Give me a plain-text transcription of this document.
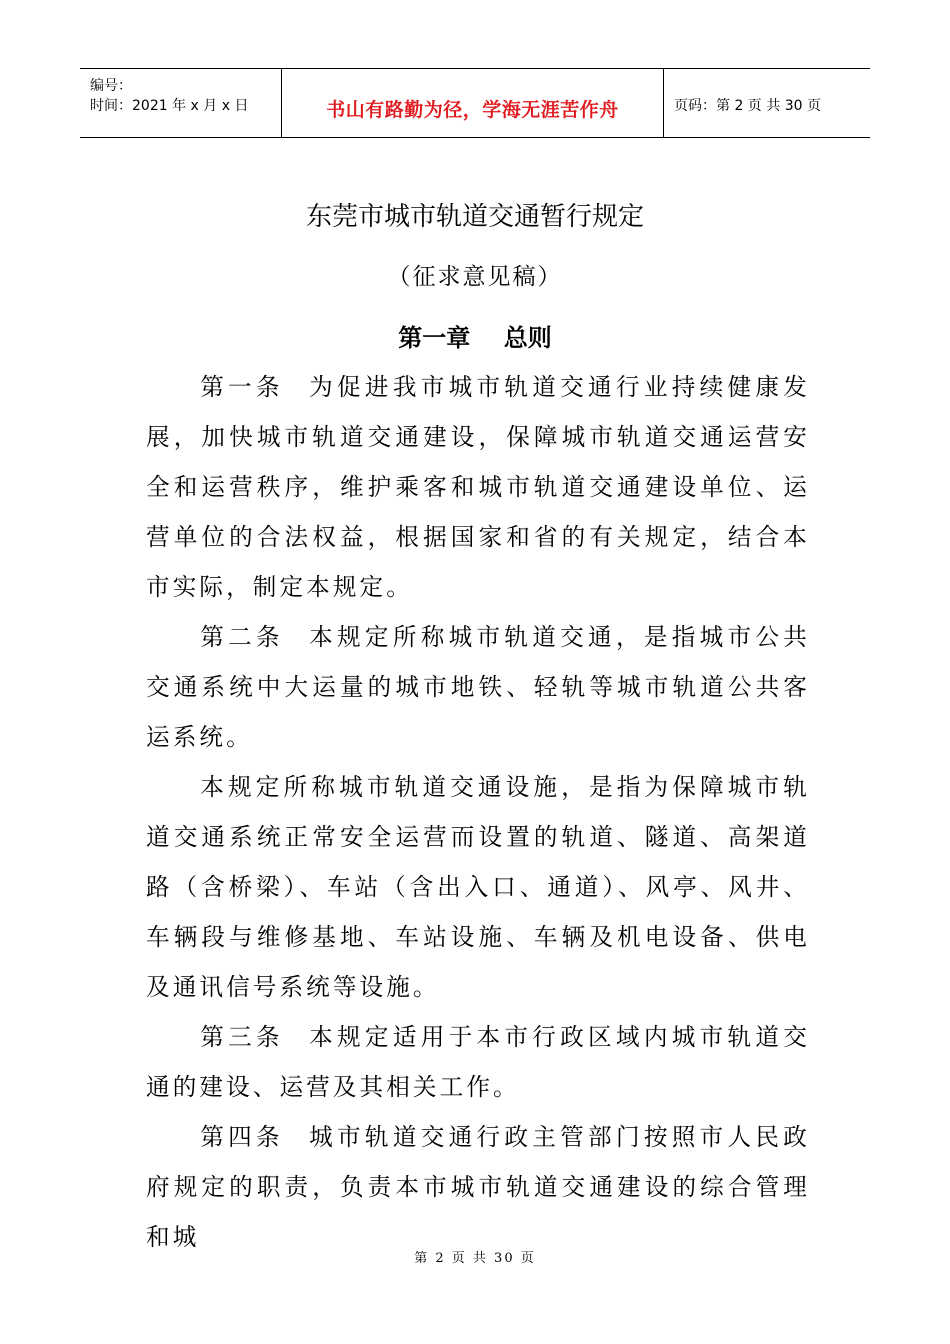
编号：
时间：2021 年 x 月 x 日	书山有路勤为径，学海无涯苦作舟	页码：第 2 页 共 30 页
东莞市城市轨道交通暂行规定
（征求意见稿）
第一章    总则

第一条 为促进我市城市轨道交通行业持续健康发展，加快城市轨道交通建设，保障城市轨道交通运营安全和运营秩序，维护乘客和城市轨道交通建设单位、运营单位的合法权益，根据国家和省的有关规定，结合本市实际，制定本规定。

第二条 本规定所称城市轨道交通，是指城市公共交通系统中大运量的城市地铁、轻轨等城市轨道公共客运系统。

本规定所称城市轨道交通设施，是指为保障城市轨道交通系统正常安全运营而设置的轨道、隧道、高架道路（含桥梁）、车站（含出入口、通道）、风亭、风井、车辆段与维修基地、车站设施、车辆及机电设备、供电及通讯信号系统等设施。

第三条 本规定适用于本市行政区域内城市轨道交通的建设、运营及其相关工作。

第四条 城市轨道交通行政主管部门按照市人民政府规定的职责，负责本市城市轨道交通建设的综合管理和城

第 2 页 共 30 页
